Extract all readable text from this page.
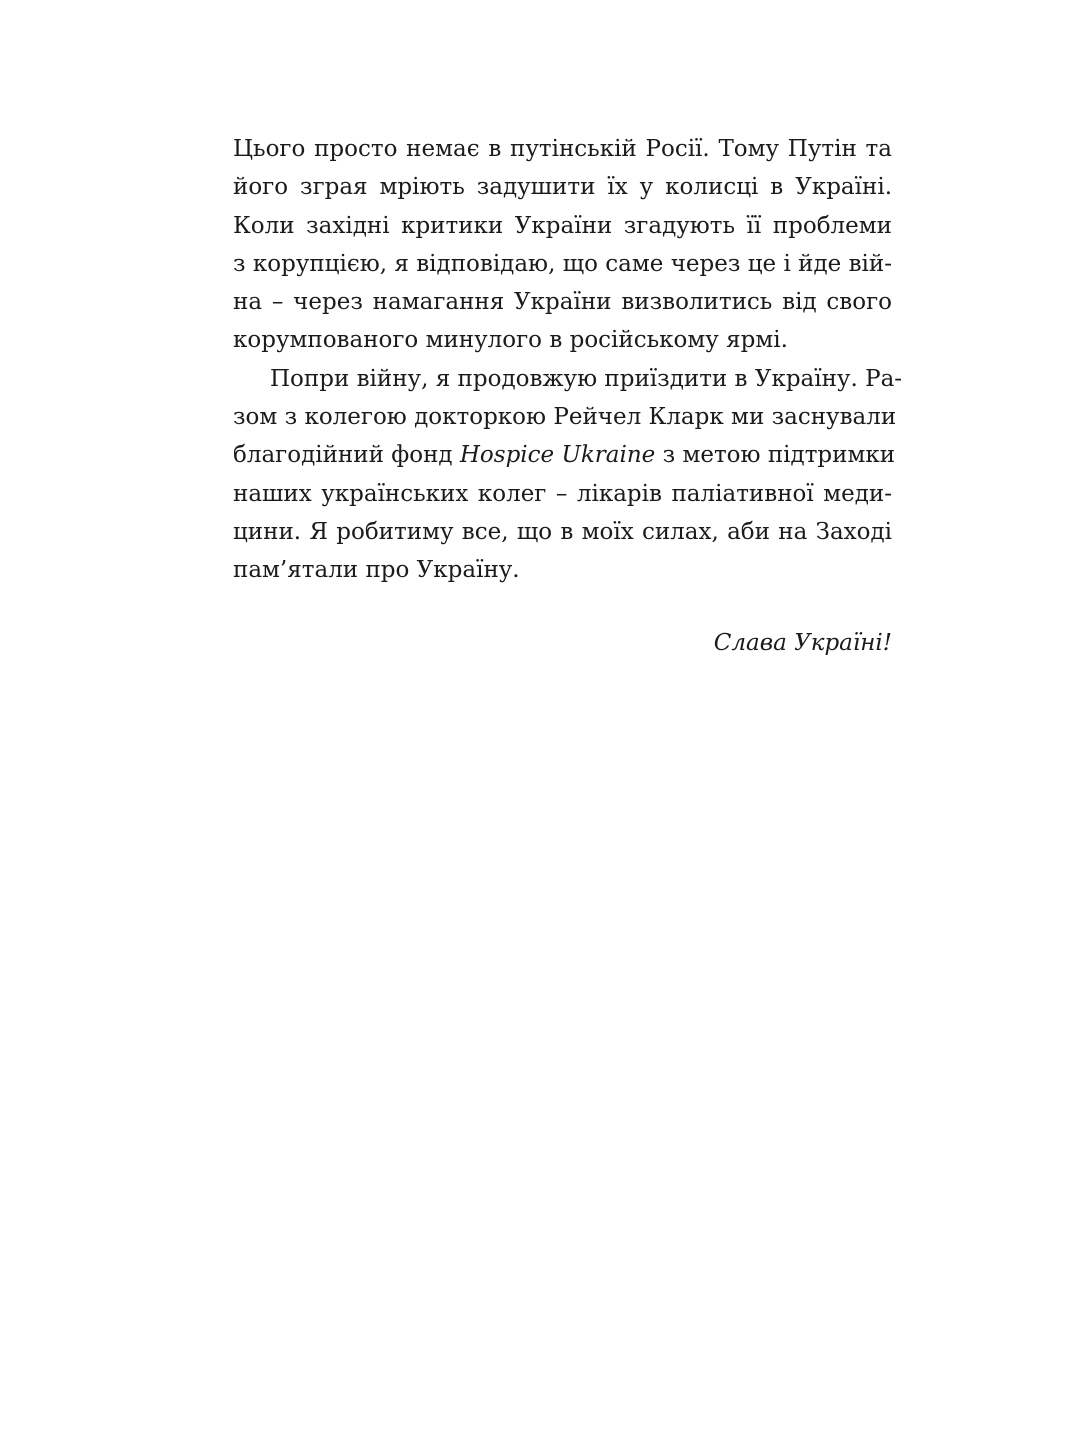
Цього просто немає в путінській Росії. Тому Путін та
його зграя мріють задушити їх у колисці в Україні.
Коли західні критики України згадують її проблеми
з корупцією, я відповідаю, що саме через це і йде вій-
на – через намагання України визволитись від свого
корумпованого минулого в російському ярмі.
Попри війну, я продовжую приїздити в Україну. Ра-
зом з колегою докторкою Рейчел Кларк ми заснували
благодійний фонд Hospice Ukraine з метою підтримки
наших українських колег – лікарів паліативної меди-
цини. Я робитиму все, що в моїх силах, аби на Заході
пам’ятали про Україну.
Слава Україні!
